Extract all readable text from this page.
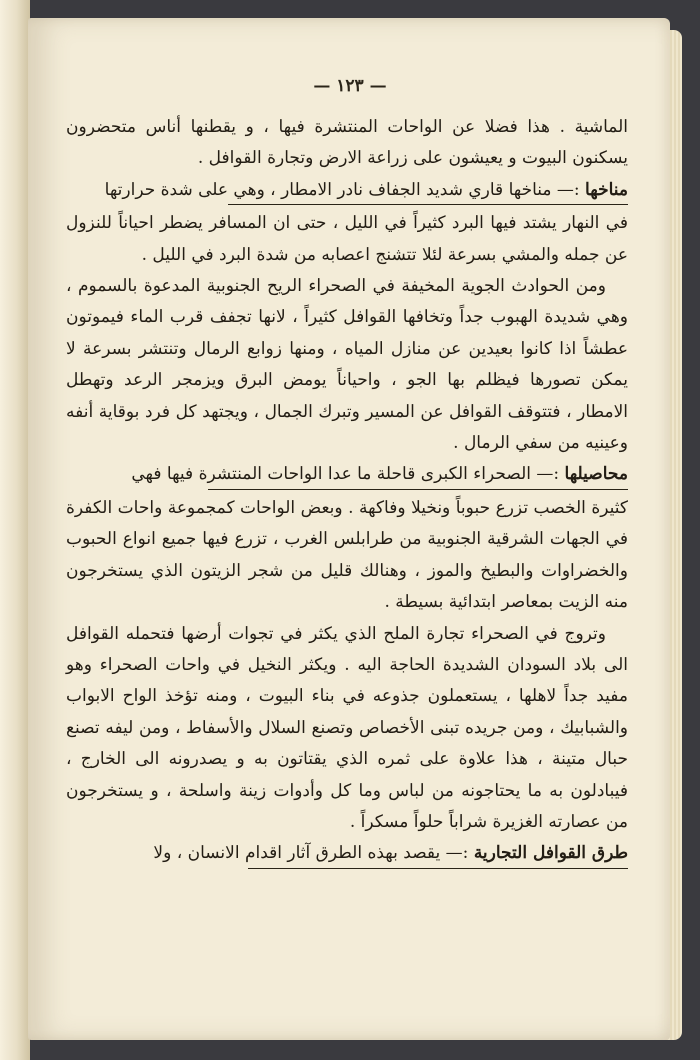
— ١٢٣ —

الماشية . هذا فضلا عن الواحات المنتشرة فيها ، و يقطنها أناس متحضرون يسكنون البيوت و يعيشون على زراعة الارض وتجارة القوافل .

مناخها :— مناخها قاري شديد الجفاف نادر الامطار ، وهي على شدة حرارتها

في النهار يشتد فيها البرد كثيراً في الليل ، حتى ان المسافر يضطر احياناً للنزول عن جمله والمشي بسرعة لئلا تتشنج اعصابه من شدة البرد في الليل .

ومن الحوادث الجوية المخيفة في الصحراء الريح الجنوبية المدعوة بالسموم ، وهي شديدة الهبوب جداً وتخافها القوافل كثيراً ، لانها تجفف قرب الماء فيموتون عطشاً اذا كانوا بعيدين عن منازل المياه ، ومنها زوابع الرمال وتنتشر بسرعة لا يمكن تصورها فيظلم بها الجو ، واحياناً يومض البرق ويزمجر الرعد وتهطل الامطار ، فتتوقف القوافل عن المسير وتبرك الجمال ، ويجتهد كل فرد بوقاية أنفه وعينيه من سفي الرمال .

محاصيلها :— الصحراء الكبرى قاحلة ما عدا الواحات المنتشرة فيها فهي

كثيرة الخصب تزرع حبوباً ونخيلا وفاكهة . وبعض الواحات كمجموعة واحات الكفرة في الجهات الشرقية الجنوبية من طرابلس الغرب ، تزرع فيها جميع انواع الحبوب والخضراوات والبطيخ والموز ، وهنالك قليل من شجر الزيتون الذي يستخرجون منه الزيت بمعاصر ابتدائية بسيطة .

وتروج في الصحراء تجارة الملح الذي يكثر في تجوات أرضها فتحمله القوافل الى بلاد السودان الشديدة الحاجة اليه . ويكثر النخيل في واحات الصحراء وهو مفيد جداً لاهلها ، يستعملون جذوعه في بناء البيوت ، ومنه تؤخذ الواح الابواب والشبابيك ، ومن جريده تبنى الأخصاص وتصنع السلال والأسفاط ، ومن ليفه تصنع حبال متينة ، هذا علاوة على ثمره الذي يقتاتون به و يصدرونه الى الخارج ، فيبادلون به ما يحتاجونه من لباس وما كل وأدوات زينة واسلحة ، و يستخرجون من عصارته الغزيرة شراباً حلواً مسكراً .

طرق القوافل التجارية :— يقصد بهذه الطرق آثار اقدام الانسان ، ولا
